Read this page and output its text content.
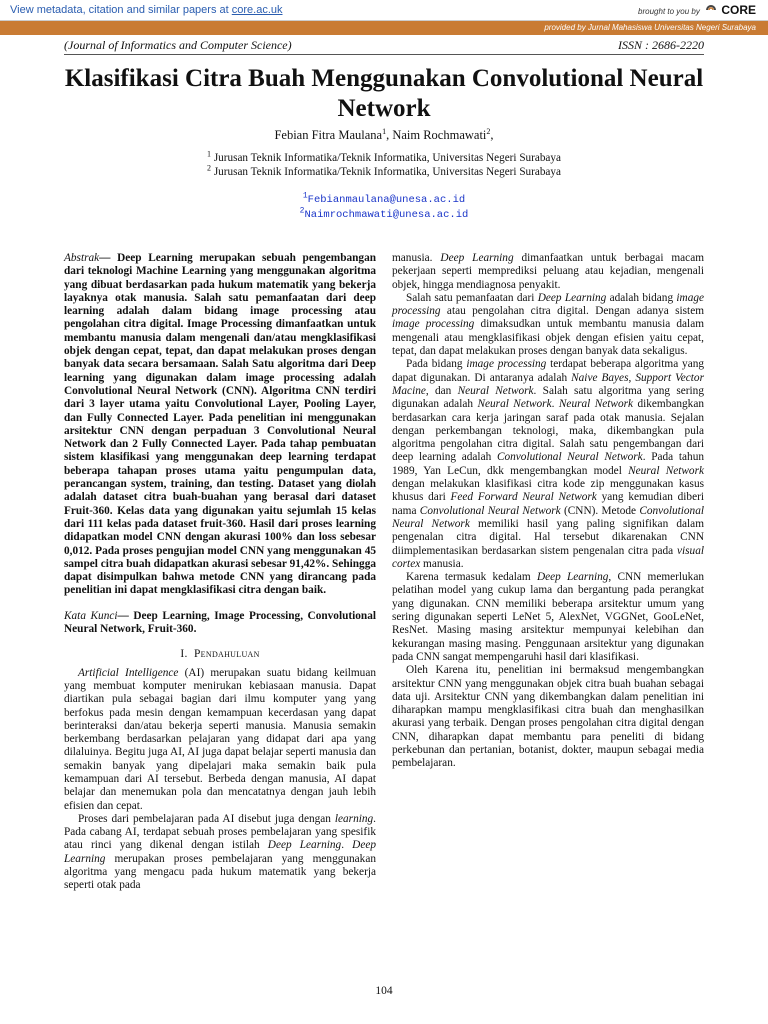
View metadata, citation and similar papers at core.ac.uk	brought to you by CORE
provided by Jurnal Mahasiswa Universitas Negeri Surabaya
(Journal of Informatics and Computer Science)	ISSN : 2686-2220
Klasifikasi Citra Buah Menggunakan Convolutional Neural Network
Febian Fitra Maulana$^1$, Naim Rochmawati$^2$,
$^1$ Jurusan Teknik Informatika/Teknik Informatika, Universitas Negeri Surabaya
$^2$ Jurusan Teknik Informatika/Teknik Informatika, Universitas Negeri Surabaya
$^1$Febianmaulana@unesa.ac.id
$^2$Naimrochmawati@unesa.ac.id

Abstrak— Deep Learning merupakan sebuah pengembangan dari teknologi Machine Learning yang menggunakan algoritma yang dibuat berdasarkan pada hukum matematik yang bekerja layaknya otak manusia. Salah satu pemanfaatan dari deep learning adalah dalam bidang image processing atau pengolahan citra digital. Image Processing dimanfaatkan untuk membantu manusia dalam mengenali dan/atau mengklasifikasi objek dengan cepat, tepat, dan dapat melakukan proses dengan banyak data secara bersamaan. Salah Satu algoritma dari Deep learning yang digunakan dalam image processing adalah Convolutional Neural Network (CNN). Algoritma CNN terdiri dari 3 layer utama yaitu Convolutional Layer, Pooling Layer, dan Fully Connected Layer. Pada penelitian ini menggunakan arsitektur CNN dengan perpaduan 3 Convolutional Neural Network dan 2 Fully Connected Layer. Pada tahap pembuatan sistem klasifikasi yang menggunakan deep learning terdapat beberapa tahapan proses utama yaitu pengumpulan data, perancangan system, training, dan testing. Dataset yang diolah adalah dataset citra buah-buahan yang berasal dari dataset Fruit-360. Kelas data yang digunakan yaitu sejumlah 15 kelas dari 111 kelas pada dataset fruit-360. Hasil dari proses learning didapatkan model CNN dengan akurasi 100% dan loss sebesar 0,012. Pada proses pengujian model CNN yang menggunakan 45 sampel citra buah didapatkan akurasi sebesar 91,42%. Sehingga dapat disimpulkan bahwa metode CNN yang dirancang pada penelitian ini dapat mengklasifikasi citra dengan baik.

Kata Kunci— Deep Learning, Image Processing, Convolutional Neural Network, Fruit-360.

I. Pendahuluan

Artificial Intelligence (AI) merupakan suatu bidang keilmuan yang membuat komputer menirukan kebiasaan manusia. Dapat diartikan pula sebagai bagian dari ilmu komputer yang yang berfokus pada mesin dengan kemampuan kecerdasan yang dapat berinteraksi dan/atau bekerja seperti manusia. Manusia semakin berkembang berdasarkan pelajaran yang didapat dari apa yang dilaluinya. Begitu juga AI, AI juga dapat belajar seperti manusia dan semakin banyak yang dipelajari maka semakin baik pula kemampuan dari AI tersebut. Berbeda dengan manusia, AI dapat belajar dan menemukan pola dan mencatatnya dengan jauh lebih efisien dan cepat.

Proses dari pembelajaran pada AI disebut juga dengan learning. Pada cabang AI, terdapat sebuah proses pembelajaran yang spesifik atau rinci yang dikenal dengan istilah Deep Learning. Deep Learning merupakan proses pembelajaran yang menggunakan algoritma yang mengacu pada hukum matematik yang bekerja seperti otak pada

manusia. Deep Learning dimanfaatkan untuk berbagai macam pekerjaan seperti memprediksi peluang atau kejadian, mengenali objek, hingga mendiagnosa penyakit.

Salah satu pemanfaatan dari Deep Learning adalah bidang image processing atau pengolahan citra digital. Dengan adanya sistem image processing dimaksudkan untuk membantu manusia dalam mengenali atau mengklasifikasi objek dengan efisien yaitu cepat, tepat, dan dapat melakukan proses dengan banyak data sekaligus.

Pada bidang image processing terdapat beberapa algoritma yang dapat digunakan. Di antaranya adalah Naive Bayes, Support Vector Macine, dan Neural Network. Salah satu algoritma yang sering digunakan adalah Neural Network. Neural Network dikembangkan berdasarkan cara kerja jaringan saraf pada otak manusia. Sejalan dengan perkembangan teknologi, maka, dikembangkan pula algoritma pengolahan citra digital. Salah satu pengembangan dari deep learning adalah Convolutional Neural Network. Pada tahun 1989, Yan LeCun, dkk mengembangkan model Neural Network dengan melakukan klasifikasi citra kode zip menggunakan kasus khusus dari Feed Forward Neural Network yang kemudian diberi nama Convolutional Neural Network (CNN). Metode Convolutional Neural Network memiliki hasil yang paling signifikan dalam pengenalan citra digital. Hal tersebut dikarenakan CNN diimplementasikan berdasarkan sistem pengenalan citra pada visual cortex manusia.

Karena termasuk kedalam Deep Learning, CNN memerlukan pelatihan model yang cukup lama dan bergantung pada perangkat yang digunakan. CNN memiliki beberapa arsitektur umum yang sering digunakan seperti LeNet 5, AlexNet, VGGNet, GooLeNet, ResNet. Masing masing arsitektur mempunyai kelebihan dan kekurangan masing masing. Penggunaan arsitektur yang digunakan pada CNN sangat mempengaruhi hasil dari klasifikasi.

Oleh Karena itu, penelitian ini bermaksud mengembangkan arsitektur CNN yang menggunakan objek citra buah buahan sebagai data uji. Arsitektur CNN yang dikembangkan dalam penelitian ini diharapkan mampu mengklasifikasi citra buah dan menghasilkan akurasi yang terbaik. Dengan proses pengolahan citra digital dengan CNN, diharapkan dapat membantu para peneliti di bidang perkebunan dan pertanian, botanist, dokter, maupun sebagai media pembelajaran.

104
